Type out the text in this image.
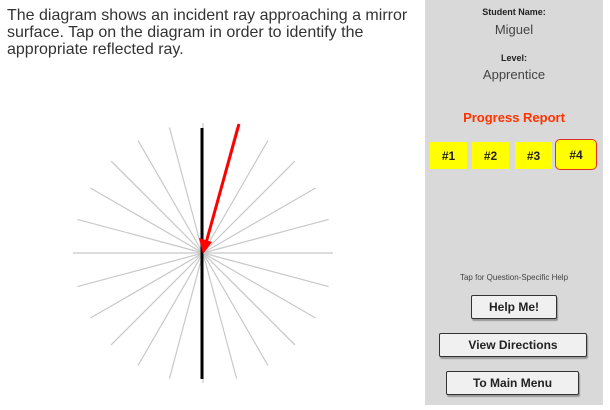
The diagram shows an incident ray approaching a mirror surface. Tap on the diagram in order to identify the appropriate reflected ray.
Student Name:
Miguel
Level:
Apprentice
Progress Report
#1	#2	#3	#4
Tap for Question-Specific Help
Help Me!
View Directions
To Main Menu
